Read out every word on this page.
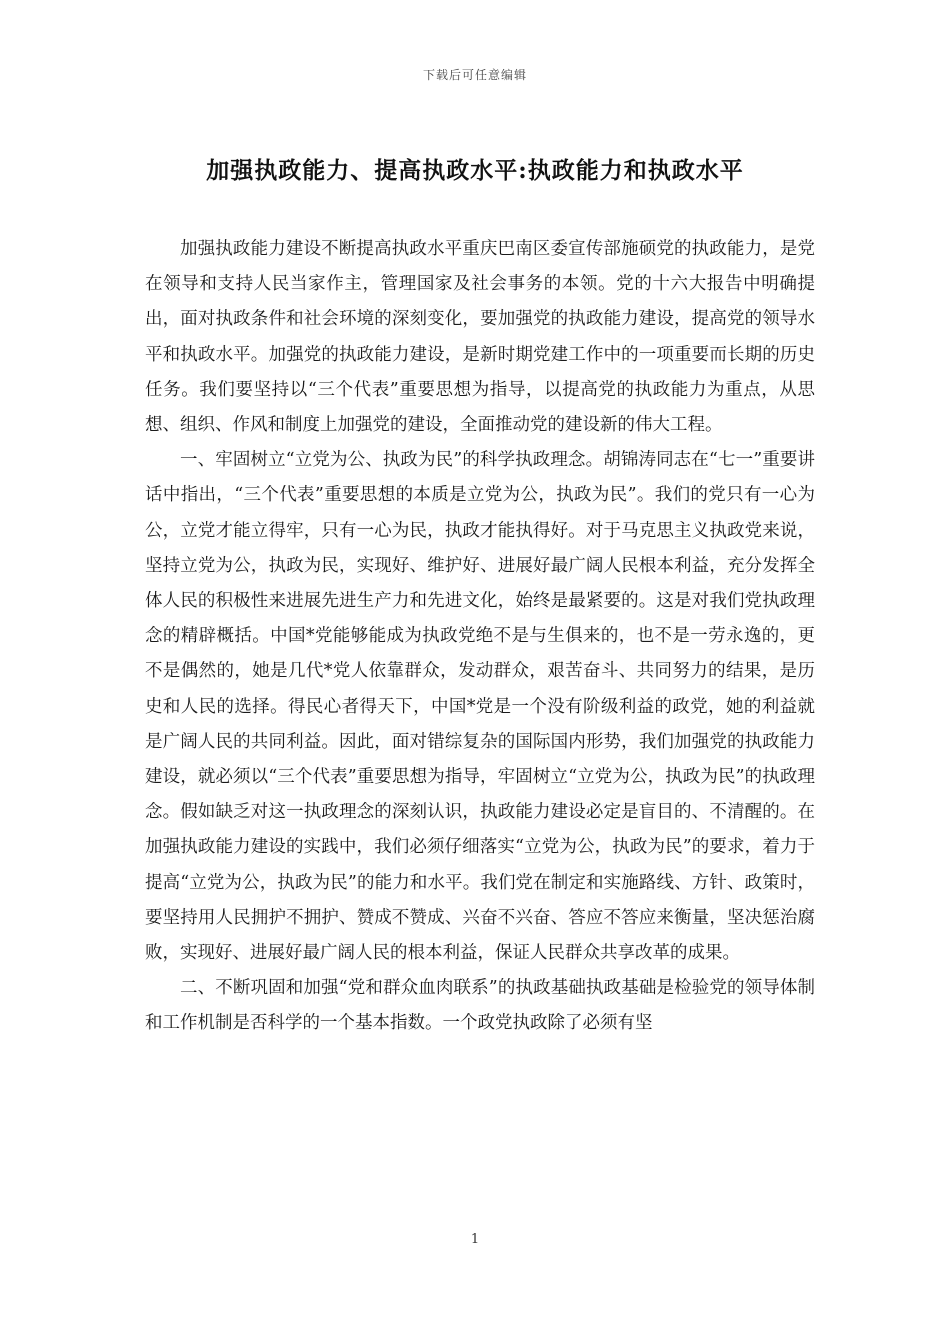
下载后可任意编辑
加强执政能力、提高执政水平:执政能力和执政水平

加强执政能力建设不断提高执政水平重庆巴南区委宣传部施硕党的执政能力，是党在领导和支持人民当家作主，管理国家及社会事务的本领。党的十六大报告中明确提出，面对执政条件和社会环境的深刻变化，要加强党的执政能力建设，提高党的领导水平和执政水平。加强党的执政能力建设，是新时期党建工作中的一项重要而长期的历史任务。我们要坚持以“三个代表”重要思想为指导，以提高党的执政能力为重点，从思想、组织、作风和制度上加强党的建设，全面推动党的建设新的伟大工程。

一、牢固树立“立党为公、执政为民”的科学执政理念。胡锦涛同志在“七一”重要讲话中指出，“三个代表”重要思想的本质是立党为公，执政为民”。我们的党只有一心为公，立党才能立得牢，只有一心为民，执政才能执得好。对于马克思主义执政党来说，坚持立党为公，执政为民，实现好、维护好、进展好最广阔人民根本利益，充分发挥全体人民的积极性来进展先进生产力和先进文化，始终是最紧要的。这是对我们党执政理念的精辟概括。中国*党能够能成为执政党绝不是与生俱来的，也不是一劳永逸的，更不是偶然的，她是几代*党人依靠群众，发动群众，艰苦奋斗、共同努力的结果，是历史和人民的选择。得民心者得天下，中国*党是一个没有阶级利益的政党，她的利益就是广阔人民的共同利益。因此，面对错综复杂的国际国内形势，我们加强党的执政能力建设，就必须以“三个代表”重要思想为指导，牢固树立“立党为公，执政为民”的执政理念。假如缺乏对这一执政理念的深刻认识，执政能力建设必定是盲目的、不清醒的。在加强执政能力建设的实践中，我们必须仔细落实“立党为公，执政为民”的要求，着力于提高“立党为公，执政为民”的能力和水平。我们党在制定和实施路线、方针、政策时，要坚持用人民拥护不拥护、赞成不赞成、兴奋不兴奋、答应不答应来衡量，坚决惩治腐败，实现好、进展好最广阔人民的根本利益，保证人民群众共享改革的成果。

二、不断巩固和加强“党和群众血肉联系”的执政基础执政基础是检验党的领导体制和工作机制是否科学的一个基本指数。一个政党执政除了必须有坚

1
